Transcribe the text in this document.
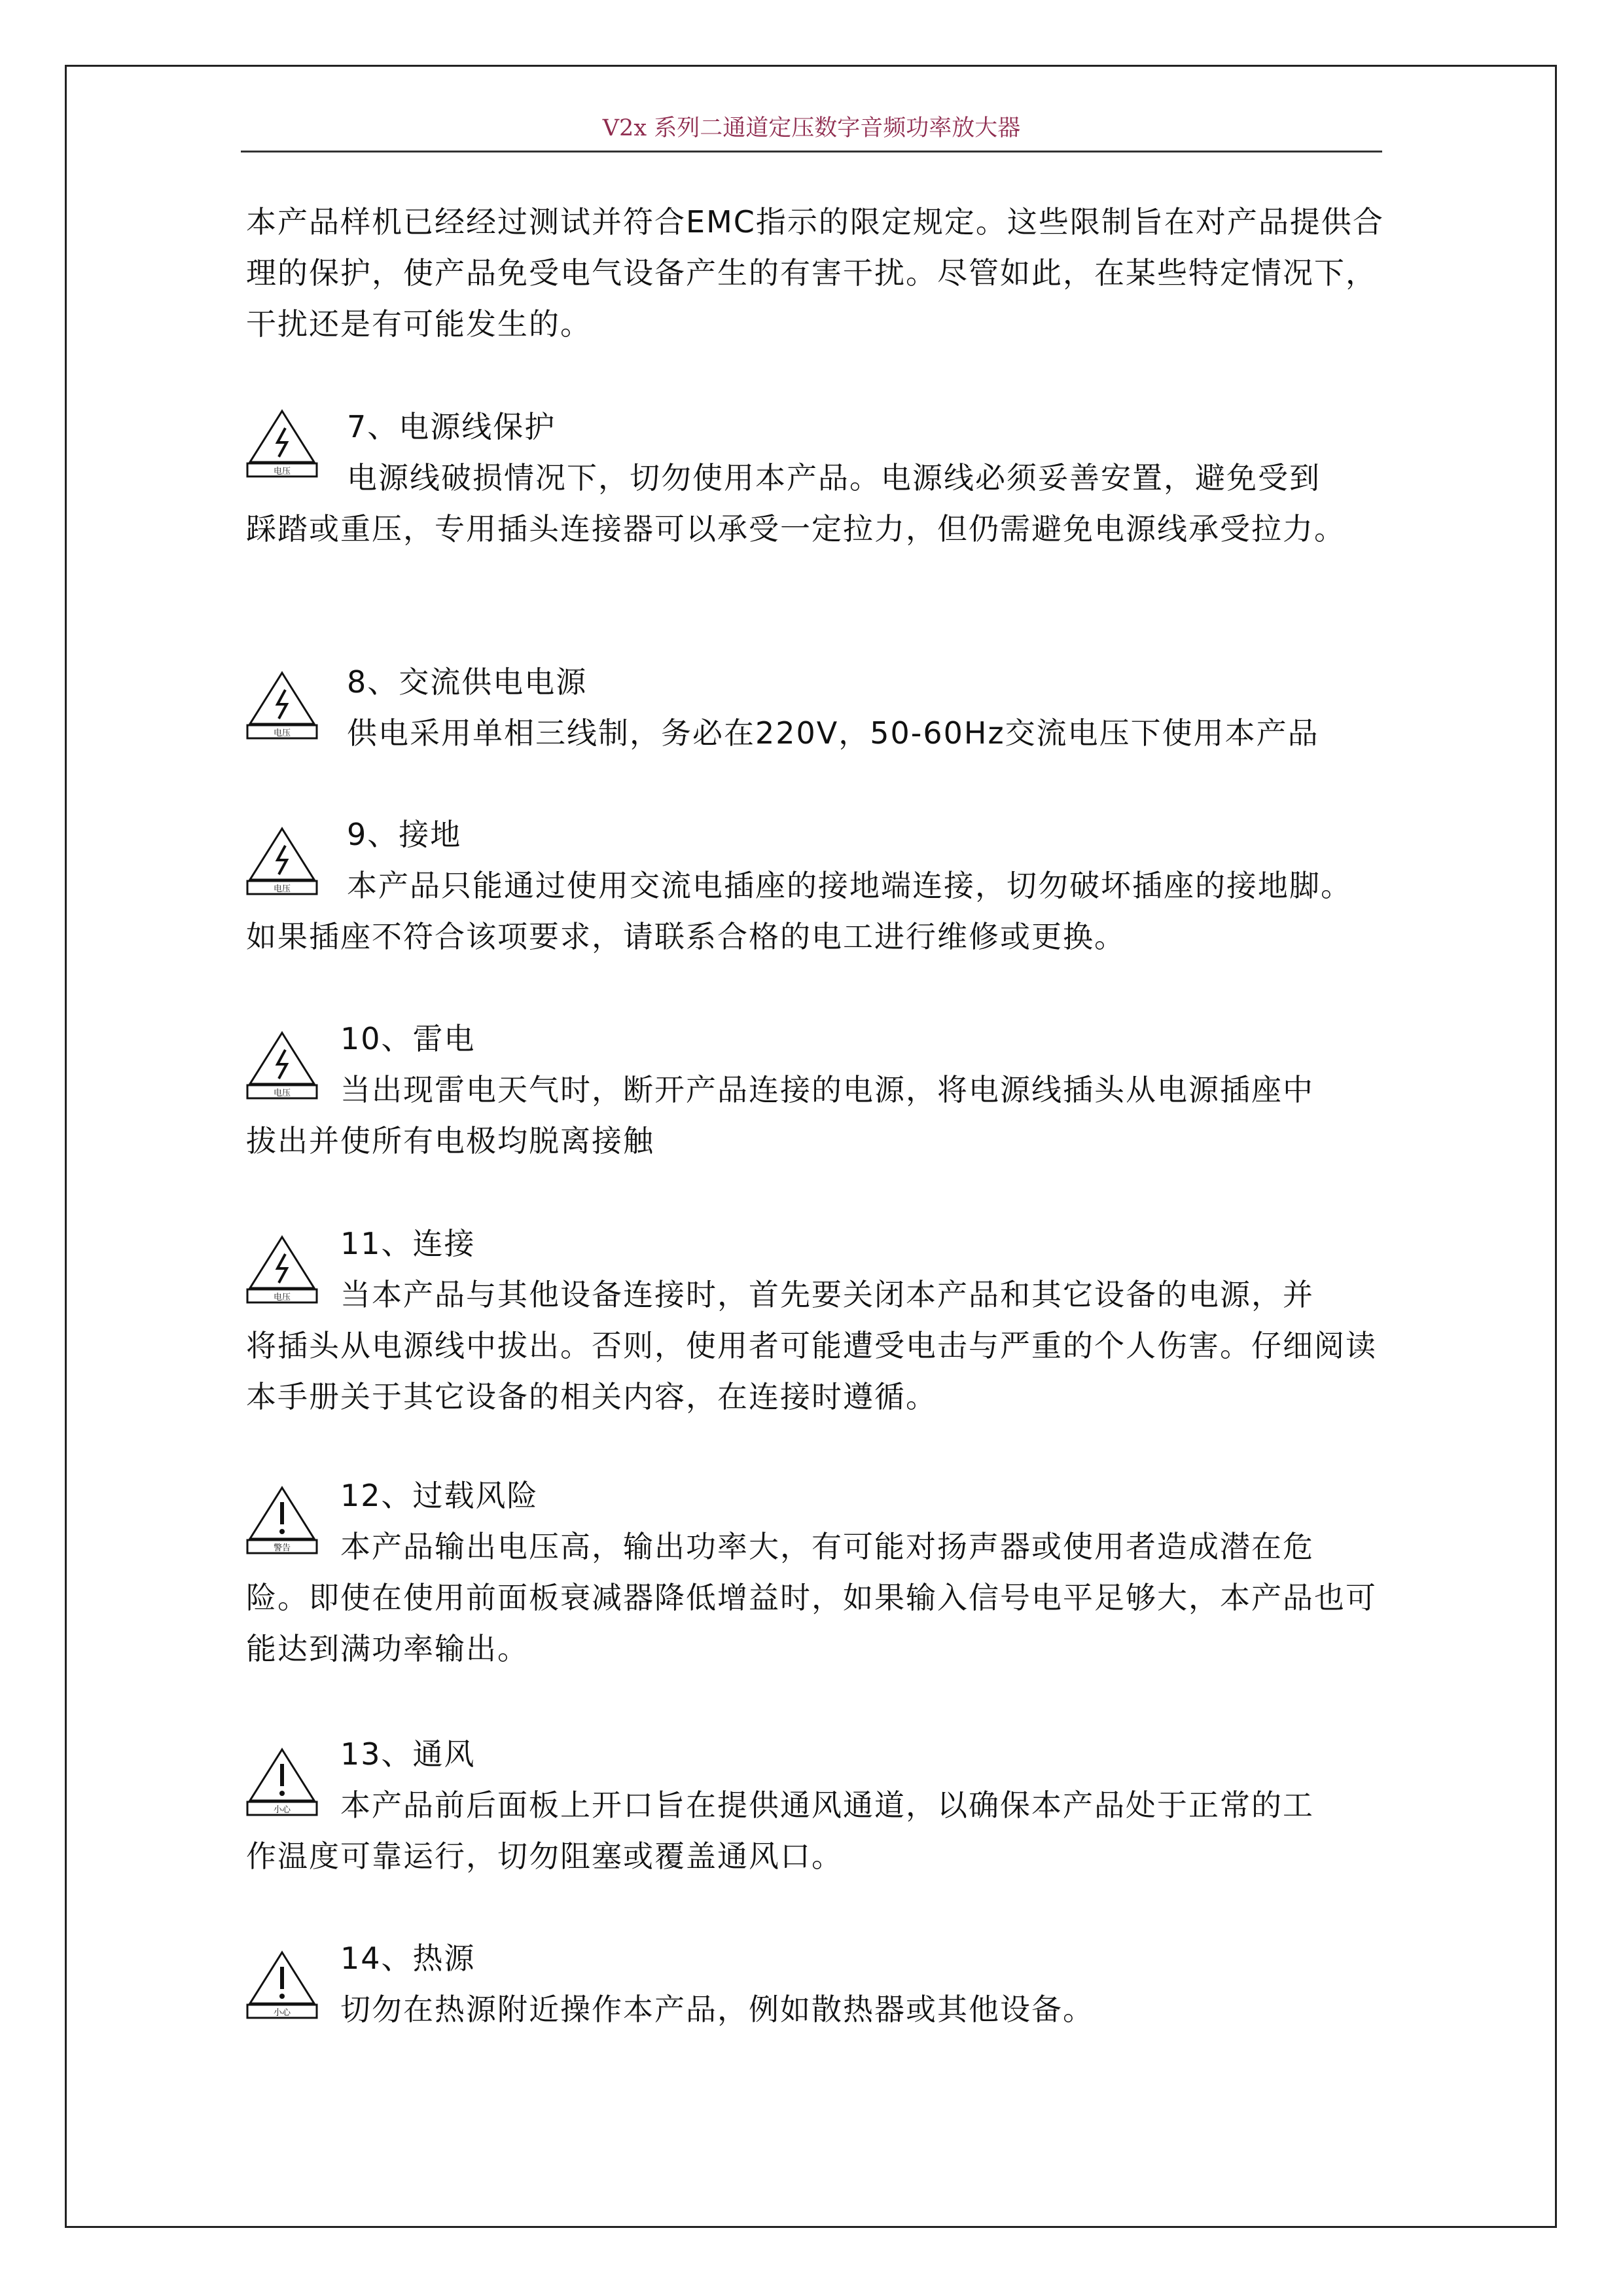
V2x 系列二通道定压数字音频功率放大器

本产品样机已经经过测试并符合EMC指示的限定规定。这些限制旨在对产品提供合理的保护，使产品免受电气设备产生的有害干扰。尽管如此，在某些特定情况下，干扰还是有可能发生的。

电压

7、电源线保护

电源线破损情况下，切勿使用本产品。电源线必须妥善安置，避免受到

踩踏或重压，专用插头连接器可以承受一定拉力，但仍需避免电源线承受拉力。

电压

8、交流供电电源

供电采用单相三线制，务必在220V，50-60Hz交流电压下使用本产品

电压

9、接地

本产品只能通过使用交流电插座的接地端连接，切勿破坏插座的接地脚。

如果插座不符合该项要求，请联系合格的电工进行维修或更换。

电压

10、雷电

当出现雷电天气时，断开产品连接的电源，将电源线插头从电源插座中

拔出并使所有电极均脱离接触

电压

11、连接

当本产品与其他设备连接时，首先要关闭本产品和其它设备的电源，并

将插头从电源线中拔出。否则，使用者可能遭受电击与严重的个人伤害。仔细阅读本手册关于其它设备的相关内容，在连接时遵循。

警告

12、过载风险

本产品输出电压高，输出功率大，有可能对扬声器或使用者造成潜在危

险。即使在使用前面板衰减器降低增益时，如果输入信号电平足够大，本产品也可能达到满功率输出。

小心

13、通风

本产品前后面板上开口旨在提供通风通道，以确保本产品处于正常的工

作温度可靠运行，切勿阻塞或覆盖通风口。

小心

14、热源

切勿在热源附近操作本产品，例如散热器或其他设备。
